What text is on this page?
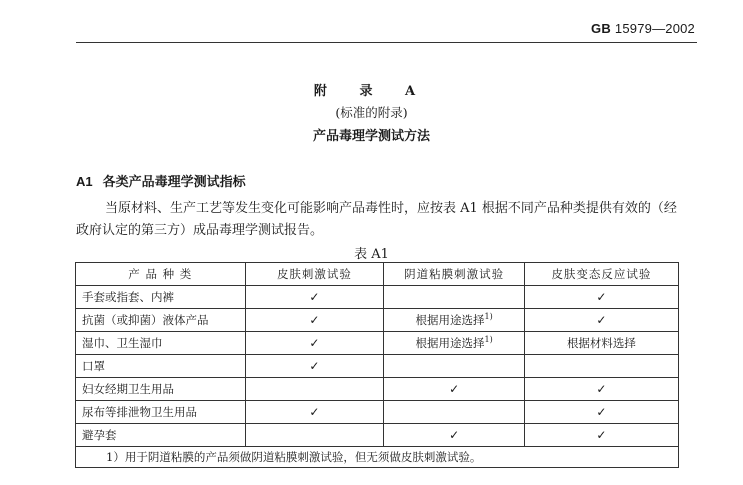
GB 15979—2002
附 录 A
(标准的附录)
产品毒理学测试方法
A1 各类产品毒理学测试指标
当原材料、生产工艺等发生变化可能影响产品毒性时，应按表 A1 根据不同产品种类提供有效的（经政府认定的第三方）成品毒理学测试报告。
表 A1
产 品 种 类	皮肤刺激试验	阴道粘膜刺激试验	皮肤变态反应试验
手套或指套、内裤	✓		✓
抗菌（或抑菌）液体产品	✓	根据用途选择$^{1)}$	✓
湿巾、卫生湿巾	✓	根据用途选择$^{1)}$	根据材料选择
口罩	✓		
妇女经期卫生用品		✓	✓
尿布等排泄物卫生用品	✓		✓
避孕套		✓	✓
1）用于阴道粘膜的产品须做阴道粘膜刺激试验，但无须做皮肤刺激试验。			
